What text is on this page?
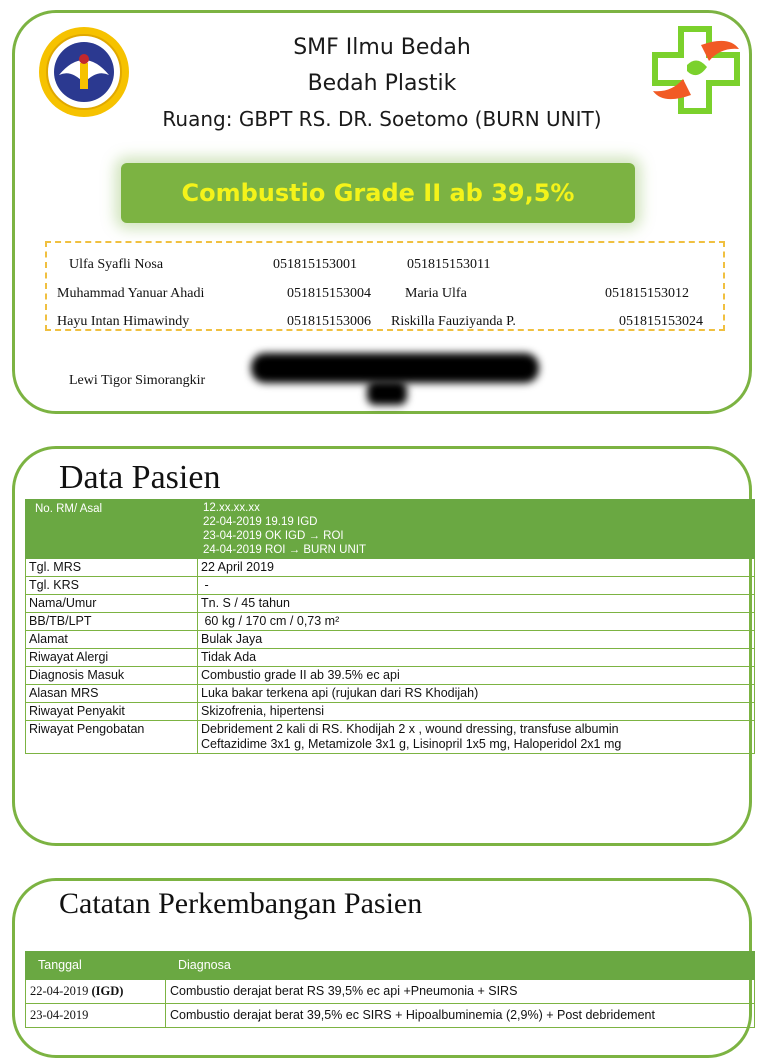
SMF Ilmu Bedah
Bedah Plastik
Ruang: GBPT RS. DR. Soetomo (BURN UNIT)
Combustio Grade II ab 39,5%
Ulfa Syafli Nosa	051815153001	051815153011
Muhammad Yanuar Ahadi	051815153004 Maria Ulfa	051815153012
Hayu Intan Himawindy	051815153006 Riskilla Fauziyanda P.	051815153024
Lewi Tigor Simorangkir
Data Pasien
No. RM/ Asal	12.xx.xx.xx
22-04-2019 19.19 IGD
23-04-2019 OK IGD → ROI
24-04-2019 ROI → BURN UNIT

Tgl. MRS	22 April 2019
Tgl. KRS	-
Nama/Umur	Tn. S / 45 tahun
BB/TB/LPT	60 kg / 170 cm / 0,73 m²
Alamat	Bulak Jaya
Riwayat Alergi	Tidak Ada
Diagnosis Masuk	Combustio grade II ab 39.5% ec api
Alasan MRS	Luka bakar terkena api (rujukan dari RS Khodijah)
Riwayat Penyakit	Skizofrenia, hipertensi
Riwayat Pengobatan	Debridement 2 kali di RS. Khodijah 2 x , wound dressing, transfuse albumin
Ceftazidime 3x1 g, Metamizole 3x1 g, Lisinopril 1x5 mg, Haloperidol 2x1 mg
Catatan Perkembangan Pasien
Tanggal	Diagnosa
22-04-2019 (IGD)	Combustio derajat berat RS 39,5% ec api +Pneumonia + SIRS
23-04-2019	Combustio derajat berat 39,5% ec SIRS + Hipoalbuminemia (2,9%) + Post debridement
